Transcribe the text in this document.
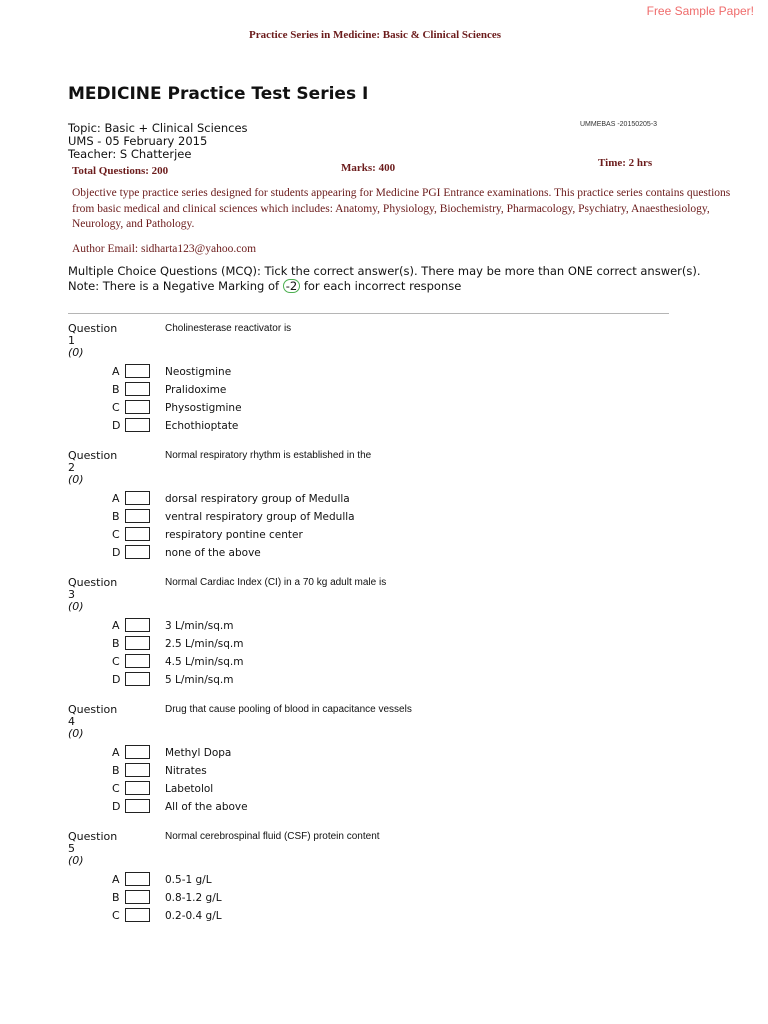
Free Sample Paper!
Practice Series in Medicine: Basic & Clinical Sciences
MEDICINE Practice Test Series I
Topic: Basic + Clinical Sciences
UMS - 05 February 2015
Teacher: S Chatterjee
UMMEBAS -20150205-3
Total Questions: 200	Marks: 400	Time: 2 hrs
Objective type practice series designed for students appearing for Medicine PGI Entrance examinations. This practice series contains questions from basic medical and clinical sciences which includes: Anatomy, Physiology, Biochemistry, Pharmacology, Psychiatry, Anaesthesiology, Neurology, and Pathology.
Author Email: sidharta123@yahoo.com
Multiple Choice Questions (MCQ): Tick the correct answer(s). There may be more than ONE correct answer(s). Note: There is a Negative Marking of -2 for each incorrect response
Question
1
(0)
Cholinesterase reactivator is
A	Neostigmine
B	Pralidoxime
C	Physostigmine
D	Echothioptate
Question
2
(0)
Normal respiratory rhythm is established in the
A	dorsal respiratory group of Medulla
B	ventral respiratory group of Medulla
C	respiratory pontine center
D	none of the above
Question
3
(0)
Normal Cardiac Index (CI) in a 70 kg adult male is
A	3 L/min/sq.m
B	2.5 L/min/sq.m
C	4.5 L/min/sq.m
D	5 L/min/sq.m
Question
4
(0)
Drug that cause pooling of blood in capacitance vessels
A	Methyl Dopa
B	Nitrates
C	Labetolol
D	All of the above
Question
5
(0)
Normal cerebrospinal fluid (CSF) protein content
A	0.5-1 g/L
B	0.8-1.2 g/L
C	0.2-0.4 g/L
